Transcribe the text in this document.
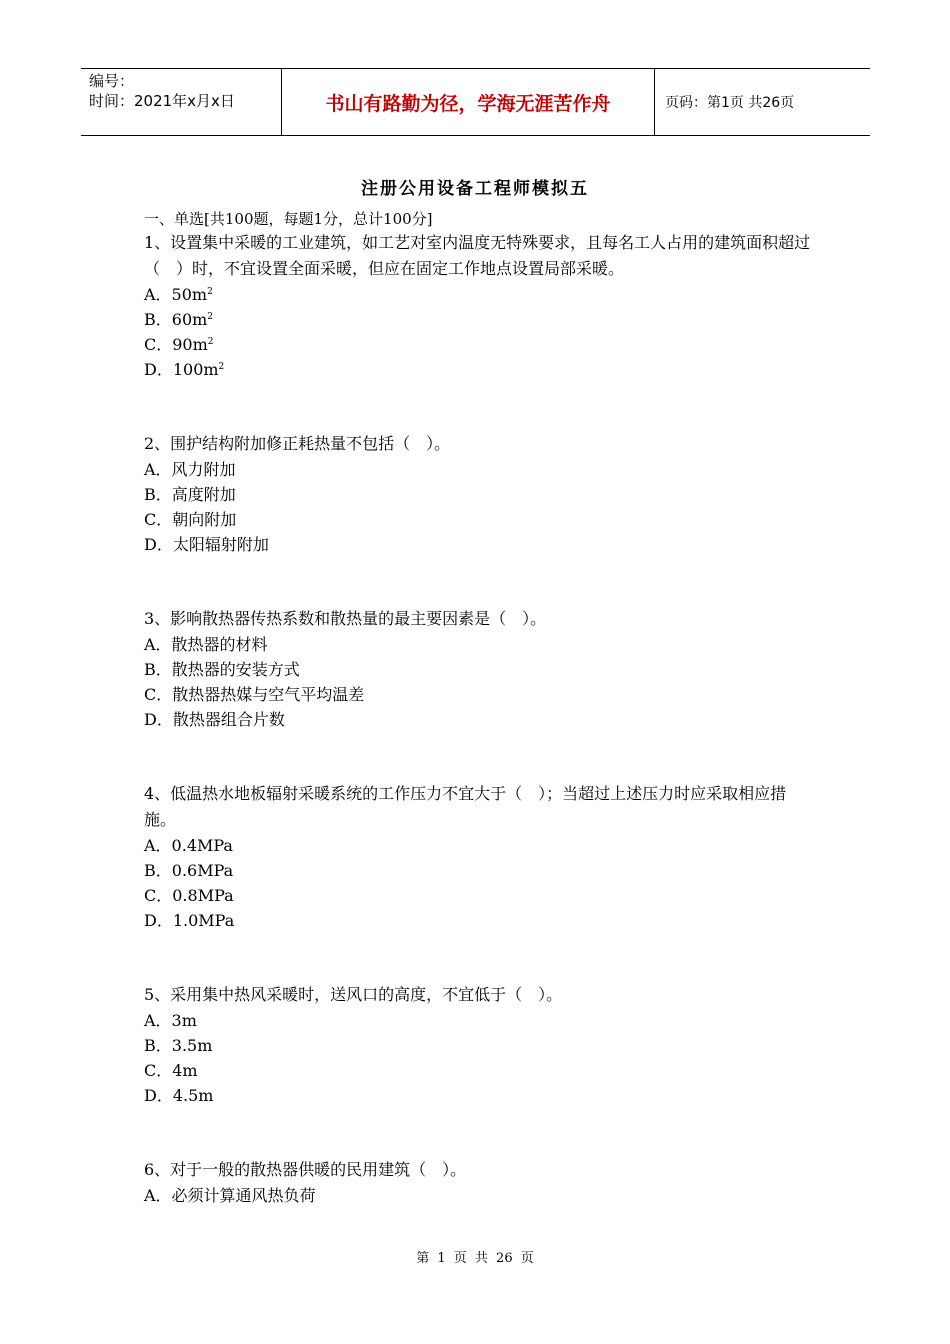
编号：
时间：2021年x月x日	书山有路勤为径，学海无涯苦作舟	页码：第1页 共26页
注册公用设备工程师模拟五

一、单选[共100题，每题1分，总计100分]

1、设置集中采暖的工业建筑，如工艺对室内温度无特殊要求，且每名工人占用的建筑面积超过（　）时，不宜设置全面采暖，但应在固定工作地点设置局部采暖。

A．$50m^2$

B．$60m^2$

C．$90m^2$

D．$100m^2$

2、围护结构附加修正耗热量不包括（　）。

A．风力附加

B．高度附加

C．朝向附加

D．太阳辐射附加

3、影响散热器传热系数和散热量的最主要因素是（　）。

A．散热器的材料

B．散热器的安装方式

C．散热器热媒与空气平均温差

D．散热器组合片数

4、低温热水地板辐射采暖系统的工作压力不宜大于（　）；当超过上述压力时应采取相应措施。

A．0.4MPa

B．0.6MPa

C．0.8MPa

D．1.0MPa

5、采用集中热风采暖时，送风口的高度，不宜低于（　）。

A．3m

B．3.5m

C．4m

D．4.5m

6、对于一般的散热器供暖的民用建筑（　）。

A．必须计算通风热负荷

第 1 页 共 26 页
